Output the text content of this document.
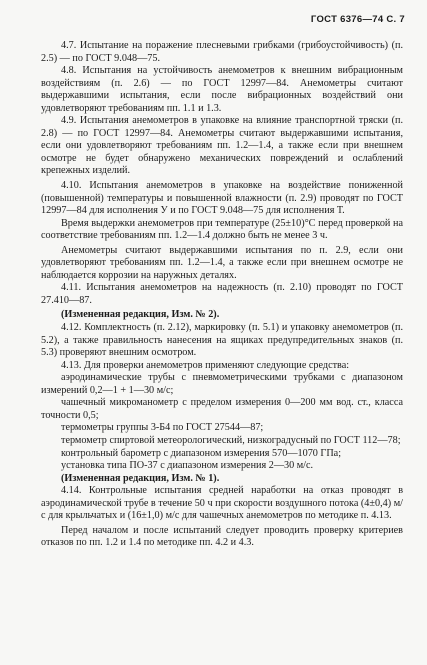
ГОСТ 6376—74 С. 7

4.7. Испытание на поражение плесневыми грибками (грибоустойчивость) (п. 2.5) — по ГОСТ 9.048—75.

4.8. Испытания на устойчивость анемометров к внешним вибрационным воздействиям (п. 2.6) — по ГОСТ 12997—84. Анемометры считают выдержавшими испытания, если после вибрационных воздействий они удовлетворяют требованиям пп. 1.1 и 1.3.

4.9. Испытания анемометров в упаковке на влияние транспортной тряски (п. 2.8) — по ГОСТ 12997—84. Анемометры считают выдержавшими испытания, если они удовлетворяют требованиям пп. 1.2—1.4, а также если при внешнем осмотре не будет обнаружено механических повреждений и ослаблений крепежных изделий.

4.10. Испытания анемометров в упаковке на воздействие пониженной (повышенной) температуры и повышенной влажности (п. 2.9) проводят по ГОСТ 12997—84 для исполнения У и по ГОСТ 9.048—75 для исполнения Т.

Время выдержки анемометров при температуре (25±10)°С перед проверкой на соответствие требованиям пп. 1.2—1.4 должно быть не менее 3 ч.

Анемометры считают выдержавшими испытания по п. 2.9, если они удовлетворяют требованиям пп. 1.2—1.4, а также если при внешнем осмотре не наблюдается коррозии на наружных деталях.

4.11. Испытания анемометров на надежность (п. 2.10) проводят по ГОСТ 27.410—87.

(Измененная редакция, Изм. № 2).

4.12. Комплектность (п. 2.12), маркировку (п. 5.1) и упаковку анемометров (п. 5.2), а также правильность нанесения на ящиках предупредительных знаков (п. 5.3) проверяют внешним осмотром.

4.13. Для проверки анемометров применяют следующие средства:

аэродинамические трубы с пневмометрическими трубками с диапазоном измерений 0,2—1 + 1—30 м/с;

чашечный микроманометр с пределом измерения 0—200 мм вод. ст., класса точности 0,5;

термометры группы 3-Б4 по ГОСТ 27544—87;

термометр спиртовой метеорологический, низкоградусный по ГОСТ 112—78;

контрольный барометр с диапазоном измерения 570—1070 ГПа;

установка типа ПО-37 с диапазоном измерения 2—30 м/с.

(Измененная редакция, Изм. № 1).

4.14. Контрольные испытания средней наработки на отказ проводят в аэродинамической трубе в течение 50 ч при скорости воздушного потока (4±0,4) м/с для крыльчатых и (16±1,0) м/с для чашечных анемометров по методике п. 4.13.

Перед началом и после испытаний следует проводить проверку критериев отказов по пп. 1.2 и 1.4 по методике пп. 4.2 и 4.3.
